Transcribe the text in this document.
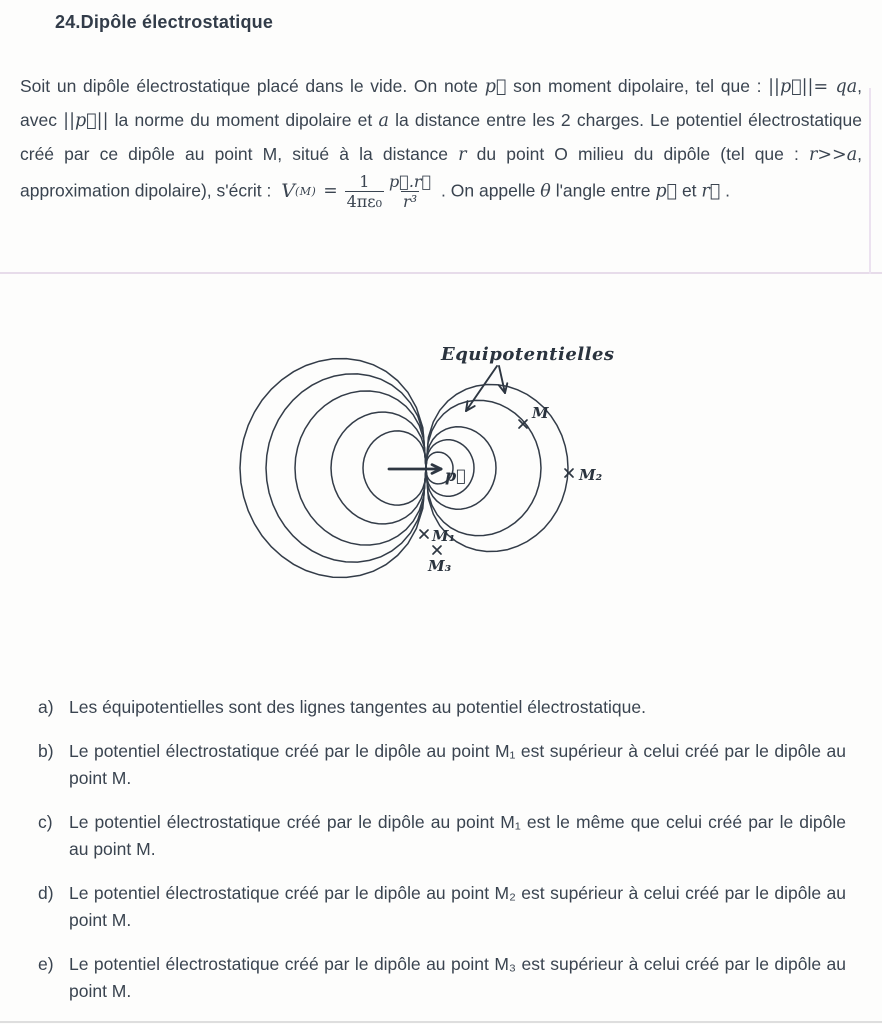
24.Dipôle électrostatique

Soit un dipôle électrostatique placé dans le vide. On note p⃗ son moment dipolaire, tel que : ||p⃗||= qa, avec ||p⃗|| la norme du moment dipolaire et a la distance entre les 2 charges. Le potentiel électrostatique créé par ce dipôle au point M, situé à la distance r du point O milieu du dipôle (tel que : r>>a, approximation dipolaire), s'écrit : V $(M) = \frac{1}{\text{4πε₀}} \frac{p⃗.r⃗}{\text{r³}}$ . On appelle θ l'angle entre p⃗ et r⃗ .

p⃗
Equipotentielles
M
M₂
M₁
M₃
a) Les équipotentielles sont des lignes tangentes au potentiel électrostatique.
b) Le potentiel électrostatique créé par le dipôle au point M₁ est supérieur à celui créé par le dipôle au point M.
c) Le potentiel électrostatique créé par le dipôle au point M₁ est le même que celui créé par le dipôle au point M.
d) Le potentiel électrostatique créé par le dipôle au point M₂ est supérieur à celui créé par le dipôle au point M.
e) Le potentiel électrostatique créé par le dipôle au point M₃ est supérieur à celui créé par le dipôle au point M.
